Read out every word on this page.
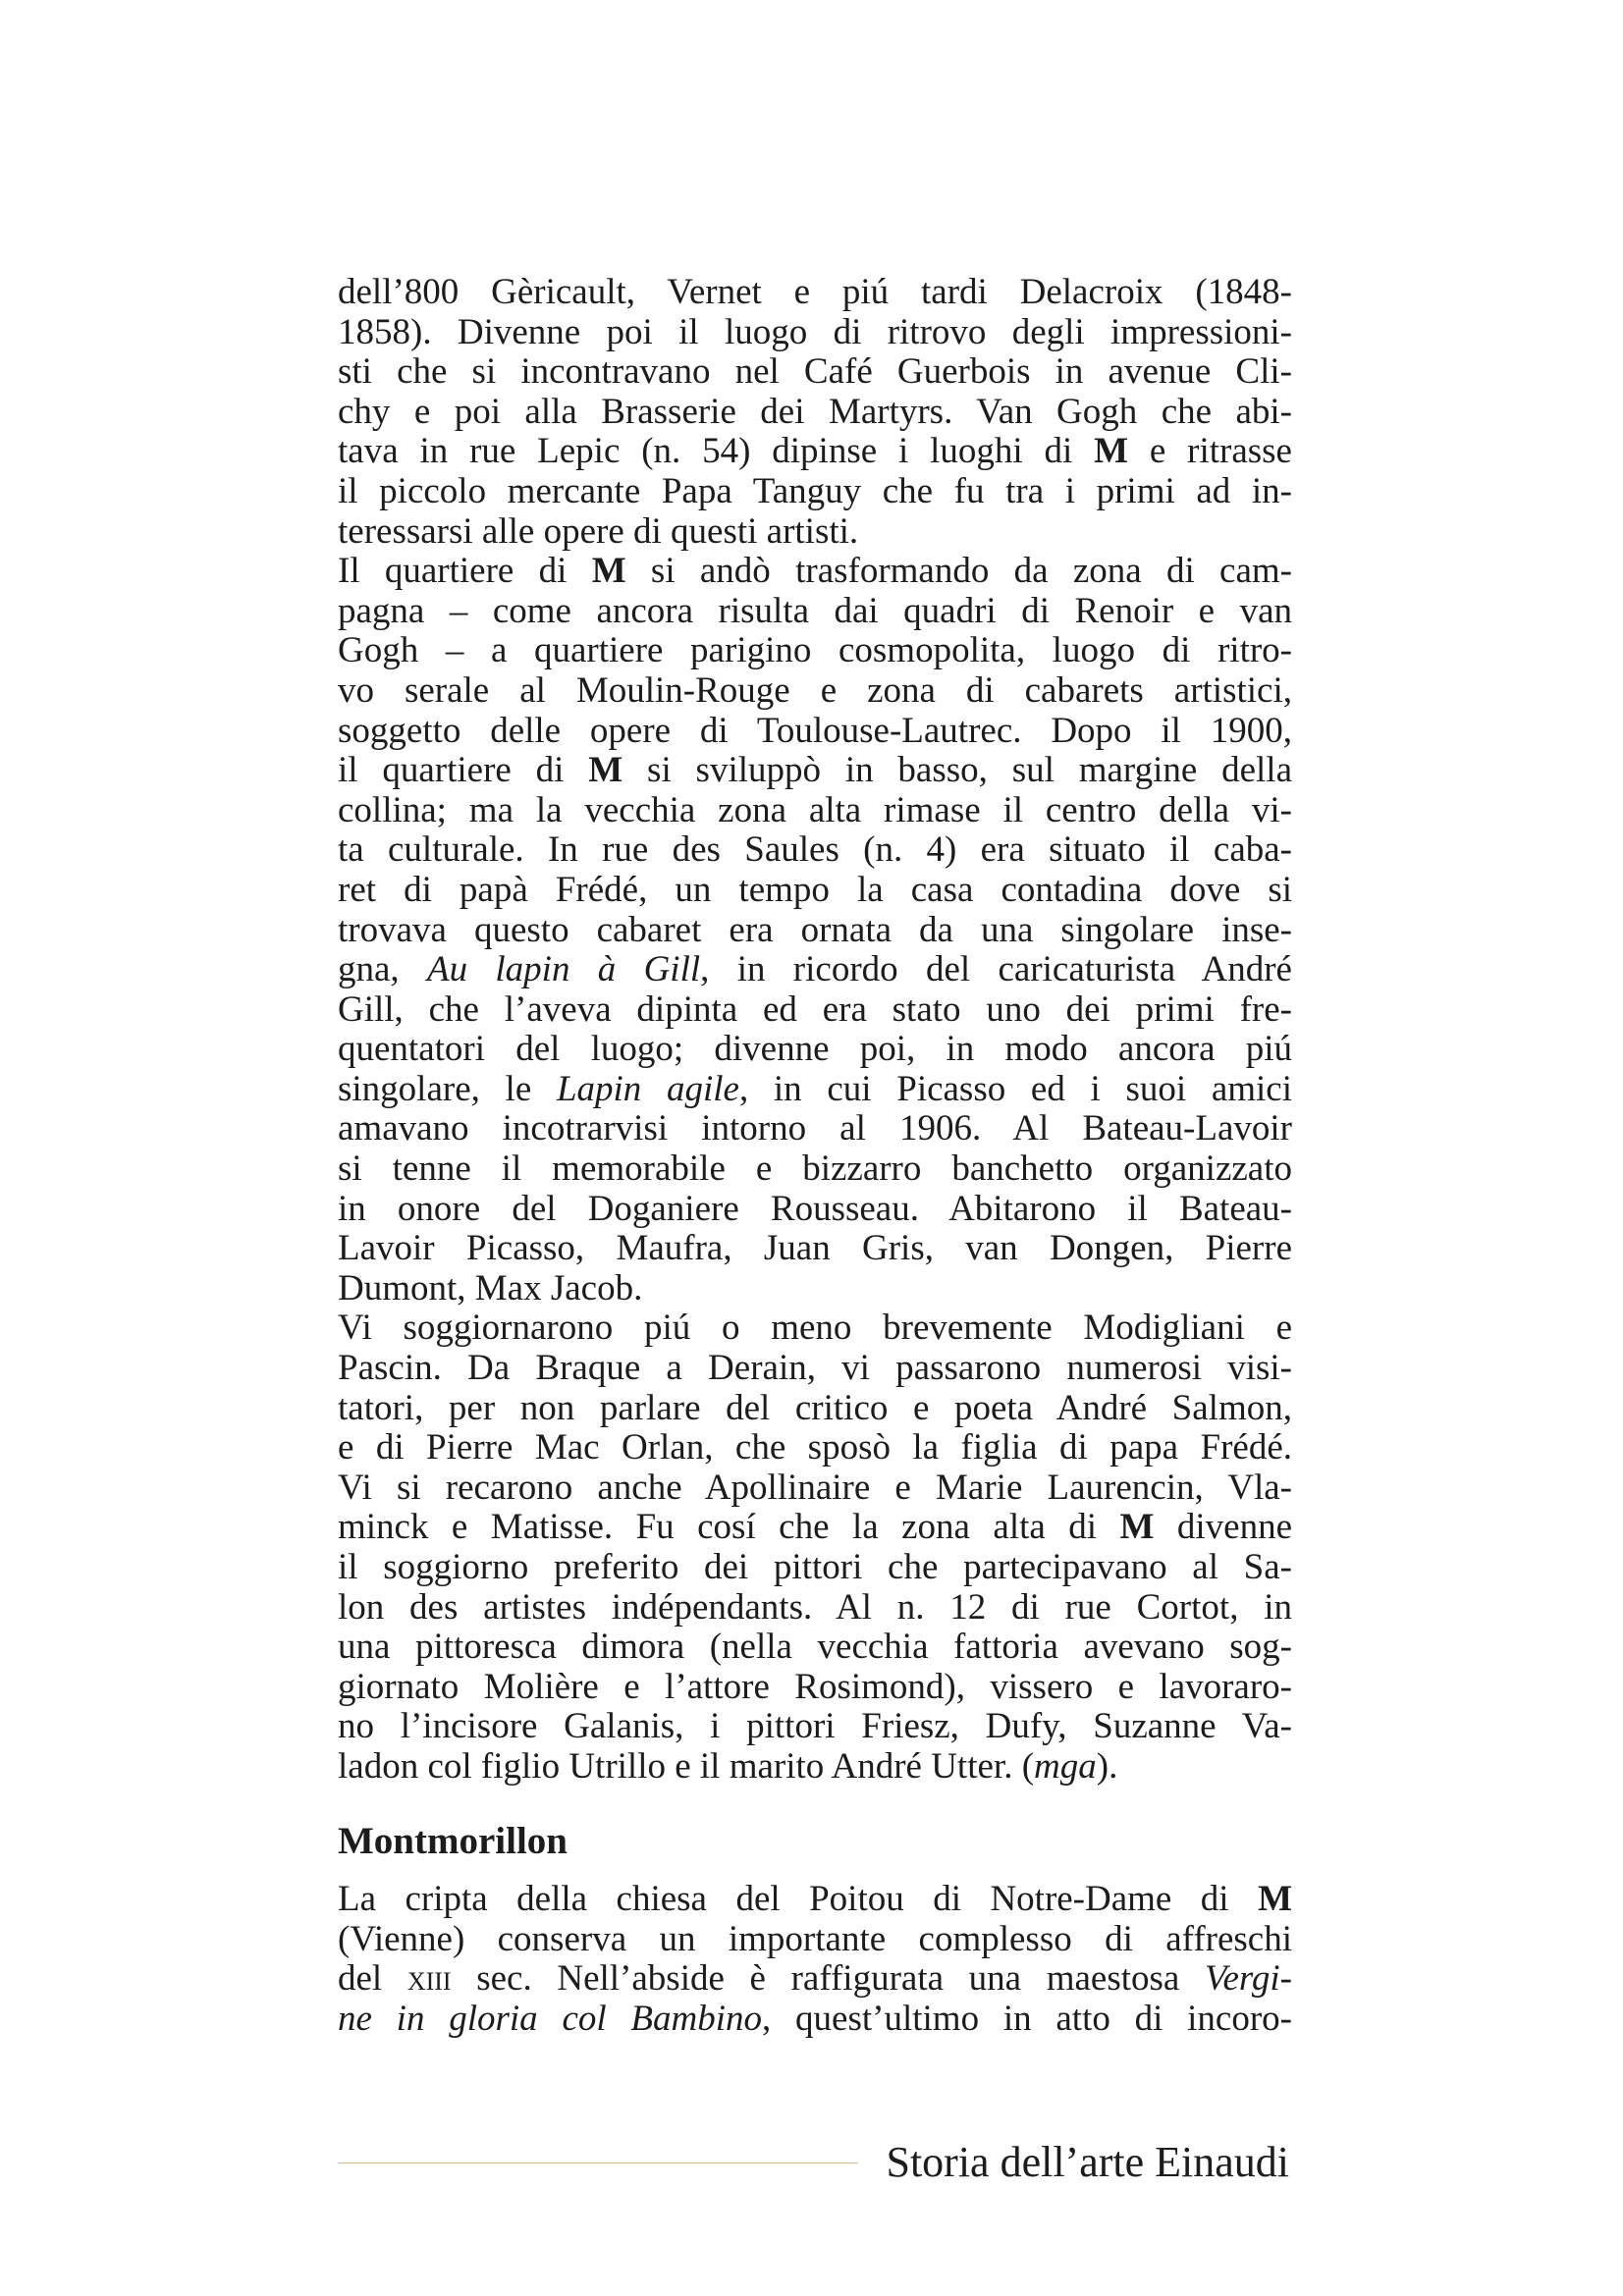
dell’800 Gèricault, Vernet e piú tardi Delacroix (1848-
1858). Divenne poi il luogo di ritrovo degli impressioni-
sti che si incontravano nel Café Guerbois in avenue Cli-
chy e poi alla Brasserie dei Martyrs. Van Gogh che abi-
tava in rue Lepic (n. 54) dipinse i luoghi di M e ritrasse
il piccolo mercante Papa Tanguy che fu tra i primi ad in-
teressarsi alle opere di questi artisti.
Il quartiere di M si andò trasformando da zona di cam-
pagna – come ancora risulta dai quadri di Renoir e van
Gogh – a quartiere parigino cosmopolita, luogo di ritro-
vo serale al Moulin-Rouge e zona di cabarets artistici,
soggetto delle opere di Toulouse-Lautrec. Dopo il 1900,
il quartiere di M si sviluppò in basso, sul margine della
collina; ma la vecchia zona alta rimase il centro della vi-
ta culturale. In rue des Saules (n. 4) era situato il caba-
ret di papà Frédé, un tempo la casa contadina dove si
trovava questo cabaret era ornata da una singolare inse-
gna, Au lapin à Gill, in ricordo del caricaturista André
Gill, che l’aveva dipinta ed era stato uno dei primi fre-
quentatori del luogo; divenne poi, in modo ancora piú
singolare, le Lapin agile, in cui Picasso ed i suoi amici
amavano incotrarvisi intorno al 1906. Al Bateau-Lavoir
si tenne il memorabile e bizzarro banchetto organizzato
in onore del Doganiere Rousseau. Abitarono il Bateau-
Lavoir Picasso, Maufra, Juan Gris, van Dongen, Pierre
Dumont, Max Jacob.
Vi soggiornarono piú o meno brevemente Modigliani e
Pascin. Da Braque a Derain, vi passarono numerosi visi-
tatori, per non parlare del critico e poeta André Salmon,
e di Pierre Mac Orlan, che sposò la figlia di papa Frédé.
Vi si recarono anche Apollinaire e Marie Laurencin, Vla-
minck e Matisse. Fu cosí che la zona alta di M divenne
il soggiorno preferito dei pittori che partecipavano al Sa-
lon des artistes indépendants. Al n. 12 di rue Cortot, in
una pittoresca dimora (nella vecchia fattoria avevano sog-
giornato Molière e l’attore Rosimond), vissero e lavoraro-
no l’incisore Galanis, i pittori Friesz, Dufy, Suzanne Va-
ladon col figlio Utrillo e il marito André Utter. (mga).
Montmorillon
La cripta della chiesa del Poitou di Notre-Dame di M
(Vienne) conserva un importante complesso di affreschi
del xiii sec. Nell’abside è raffigurata una maestosa Vergi-
ne in gloria col Bambino, quest’ultimo in atto di incoro-
Storia dell’arte Einaudi
